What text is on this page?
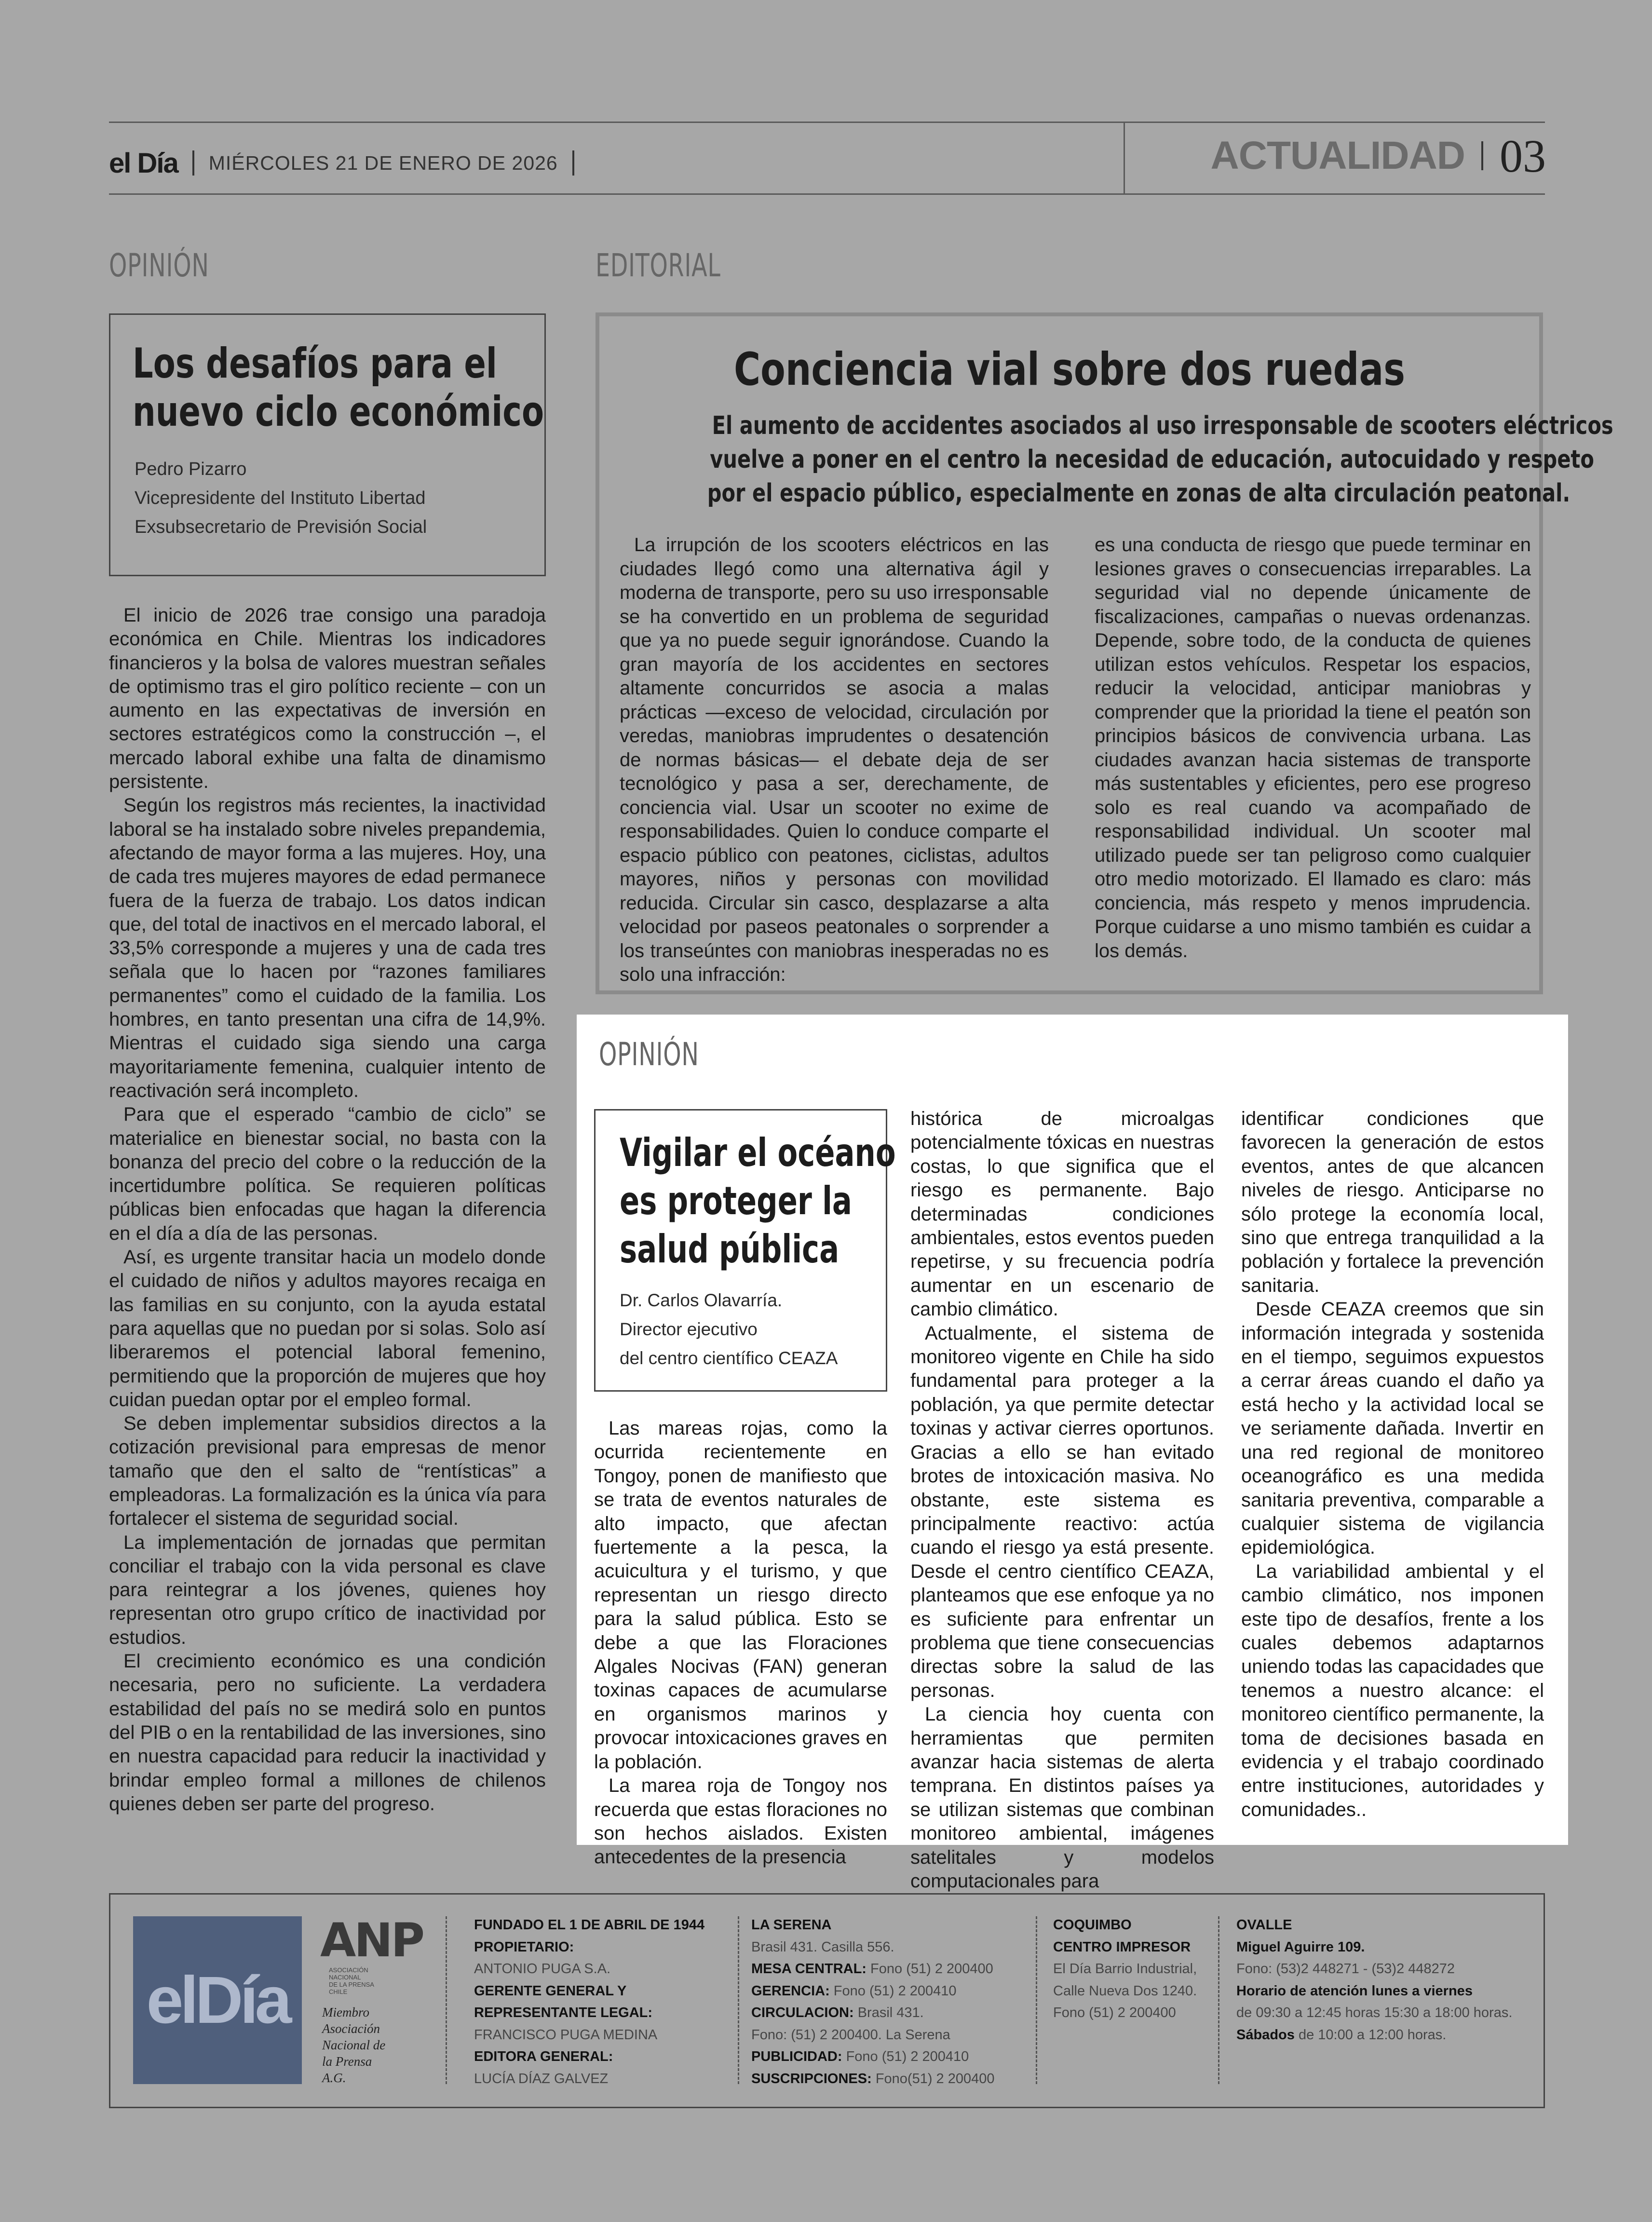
el Día MIÉRCOLES 21 DE ENERO DE 2026	ACTUALIDAD 03
OPINIÓN
Los desafíos para el
nuevo ciclo económico
Pedro Pizarro
Vicepresidente del Instituto Libertad
Exsubsecretario de Previsión Social

El inicio de 2026 trae consigo una paradoja económica en Chile. Mientras los indicadores financieros y la bolsa de valores muestran señales de optimismo tras el giro político reciente – con un aumento en las expectativas de inversión en sectores estratégicos como la construcción –, el mercado laboral exhibe una falta de dinamismo persistente.

Según los registros más recientes, la inactividad laboral se ha instalado sobre niveles prepandemia, afectando de mayor forma a las mujeres. Hoy, una de cada tres mujeres mayores de edad permanece fuera de la fuerza de trabajo. Los datos indican que, del total de inactivos en el mercado laboral, el 33,5% corresponde a mujeres y una de cada tres señala que lo hacen por “razones familiares permanentes” como el cuidado de la familia. Los hombres, en tanto presentan una cifra de 14,9%. Mientras el cuidado siga siendo una carga mayoritariamente femenina, cualquier intento de reactivación será incompleto.

Para que el esperado “cambio de ciclo” se materialice en bienestar social, no basta con la bonanza del precio del cobre o la reducción de la incertidumbre política. Se requieren políticas públicas bien enfocadas que hagan la diferencia en el día a día de las personas.

Así, es urgente transitar hacia un modelo donde el cuidado de niños y adultos mayores recaiga en las familias en su conjunto, con la ayuda estatal para aquellas que no puedan por si solas. Solo así liberaremos el potencial laboral femenino, permitiendo que la proporción de mujeres que hoy cuidan puedan optar por el empleo formal.

Se deben implementar subsidios directos a la cotización previsional para empresas de menor tamaño que den el salto de “rentísticas” a empleadoras. La formalización es la única vía para fortalecer el sistema de seguridad social.

La implementación de jornadas que permitan conciliar el trabajo con la vida personal es clave para reintegrar a los jóvenes, quienes hoy representan otro grupo crítico de inactividad por estudios.

El crecimiento económico es una condición necesaria, pero no suficiente. La verdadera estabilidad del país no se medirá solo en puntos del PIB o en la rentabilidad de las inversiones, sino en nuestra capacidad para reducir la inactividad y brindar empleo formal a millones de chilenos quienes deben ser parte del progreso.

EDITORIAL
Conciencia vial sobre dos ruedas
El aumento de accidentes asociados al uso irresponsable de scooters eléctricos
vuelve a poner en el centro la necesidad de educación, autocuidado y respeto
por el espacio público, especialmente en zonas de alta circulación peatonal.

La irrupción de los scooters eléctricos en las ciudades llegó como una alternativa ágil y moderna de transporte, pero su uso irresponsable se ha convertido en un problema de seguridad que ya no puede seguir ignorándose. Cuando la gran mayoría de los accidentes en sectores altamente concurridos se asocia a malas prácticas —exceso de velocidad, circulación por veredas, maniobras imprudentes o desatención de normas básicas— el debate deja de ser tecnológico y pasa a ser, derechamente, de conciencia vial. Usar un scooter no exime de responsabilidades. Quien lo conduce comparte el espacio público con peatones, ciclistas, adultos mayores, niños y personas con movilidad reducida. Circular sin casco, desplazarse a alta velocidad por paseos peatonales o sorprender a los transeúntes con maniobras inesperadas no es solo una infracción:

es una conducta de riesgo que puede terminar en lesiones graves o consecuencias irreparables. La seguridad vial no depende únicamente de fiscalizaciones, campañas o nuevas ordenanzas. Depende, sobre todo, de la conducta de quienes utilizan estos vehículos. Respetar los espacios, reducir la velocidad, anticipar maniobras y comprender que la prioridad la tiene el peatón son principios básicos de convivencia urbana. Las ciudades avanzan hacia sistemas de transporte más sustentables y eficientes, pero ese progreso solo es real cuando va acompañado de responsabilidad individual. Un scooter mal utilizado puede ser tan peligroso como cualquier otro medio motorizado. El llamado es claro: más conciencia, más respeto y menos imprudencia. Porque cuidarse a uno mismo también es cuidar a los demás.

OPINIÓN
Vigilar el océano
es proteger la
salud pública
Dr. Carlos Olavarría.
Director ejecutivo
del centro científico CEAZA

Las mareas rojas, como la ocurrida recientemente en Tongoy, ponen de manifiesto que se trata de eventos naturales de alto impacto, que afectan fuertemente a la pesca, la acuicultura y el turismo, y que representan un riesgo directo para la salud pública. Esto se debe a que las Floraciones Algales Nocivas (FAN) generan toxinas capaces de acumularse en organismos marinos y provocar intoxicaciones graves en la población.

La marea roja de Tongoy nos recuerda que estas floraciones no son hechos aislados. Existen antecedentes de la presencia

histórica de microalgas potencialmente tóxicas en nuestras costas, lo que significa que el riesgo es permanente. Bajo determinadas condiciones ambientales, estos eventos pueden repetirse, y su frecuencia podría aumentar en un escenario de cambio climático.

Actualmente, el sistema de monitoreo vigente en Chile ha sido fundamental para proteger a la población, ya que permite detectar toxinas y activar cierres oportunos. Gracias a ello se han evitado brotes de intoxicación masiva. No obstante, este sistema es principalmente reactivo: actúa cuando el riesgo ya está presente. Desde el centro científico CEAZA, planteamos que ese enfoque ya no es suficiente para enfrentar un problema que tiene consecuencias directas sobre la salud de las personas.

La ciencia hoy cuenta con herramientas que permiten avanzar hacia sistemas de alerta temprana. En distintos países ya se utilizan sistemas que combinan monitoreo ambiental, imágenes satelitales y modelos computacionales para

identificar condiciones que favorecen la generación de estos eventos, antes de que alcancen niveles de riesgo. Anticiparse no sólo protege la economía local, sino que entrega tranquilidad a la población y fortalece la prevención sanitaria.

Desde CEAZA creemos que sin información integrada y sostenida en el tiempo, seguimos expuestos a cerrar áreas cuando el daño ya está hecho y la actividad local se ve seriamente dañada. Invertir en una red regional de monitoreo oceanográfico es una medida sanitaria preventiva, comparable a cualquier sistema de vigilancia epidemiológica.

La variabilidad ambiental y el cambio climático, nos imponen este tipo de desafíos, frente a los cuales debemos adaptarnos uniendo todas las capacidades que tenemos a nuestro alcance: el monitoreo científico permanente, la toma de decisiones basada en evidencia y el trabajo coordinado entre instituciones, autoridades y comunidades..

elDía
ANP
ASOCIACIÓN
NACIONAL
DE LA PRENSA
CHILE
Miembro
Asociación
Nacional de
la Prensa
A.G.
FUNDADO EL 1 DE ABRIL DE 1944
PROPIETARIO:
ANTONIO PUGA S.A.
GERENTE GENERAL Y
REPRESENTANTE LEGAL:
FRANCISCO PUGA MEDINA
EDITORA GENERAL:
LUCÍA DÍAZ GALVEZ
LA SERENA
Brasil 431. Casilla 556.
MESA CENTRAL: Fono (51) 2 200400
GERENCIA: Fono (51) 2 200410
CIRCULACION: Brasil 431.
Fono: (51) 2 200400. La Serena
PUBLICIDAD: Fono (51) 2 200410
SUSCRIPCIONES: Fono(51) 2 200400
COQUIMBO
CENTRO IMPRESOR
El Día Barrio Industrial,
Calle Nueva Dos 1240.
Fono (51) 2 200400
OVALLE
Miguel Aguirre 109.
Fono: (53)2 448271 - (53)2 448272
Horario de atención lunes a viernes
de 09:30 a 12:45 horas 15:30 a 18:00 horas.
Sábados de 10:00 a 12:00 horas.
